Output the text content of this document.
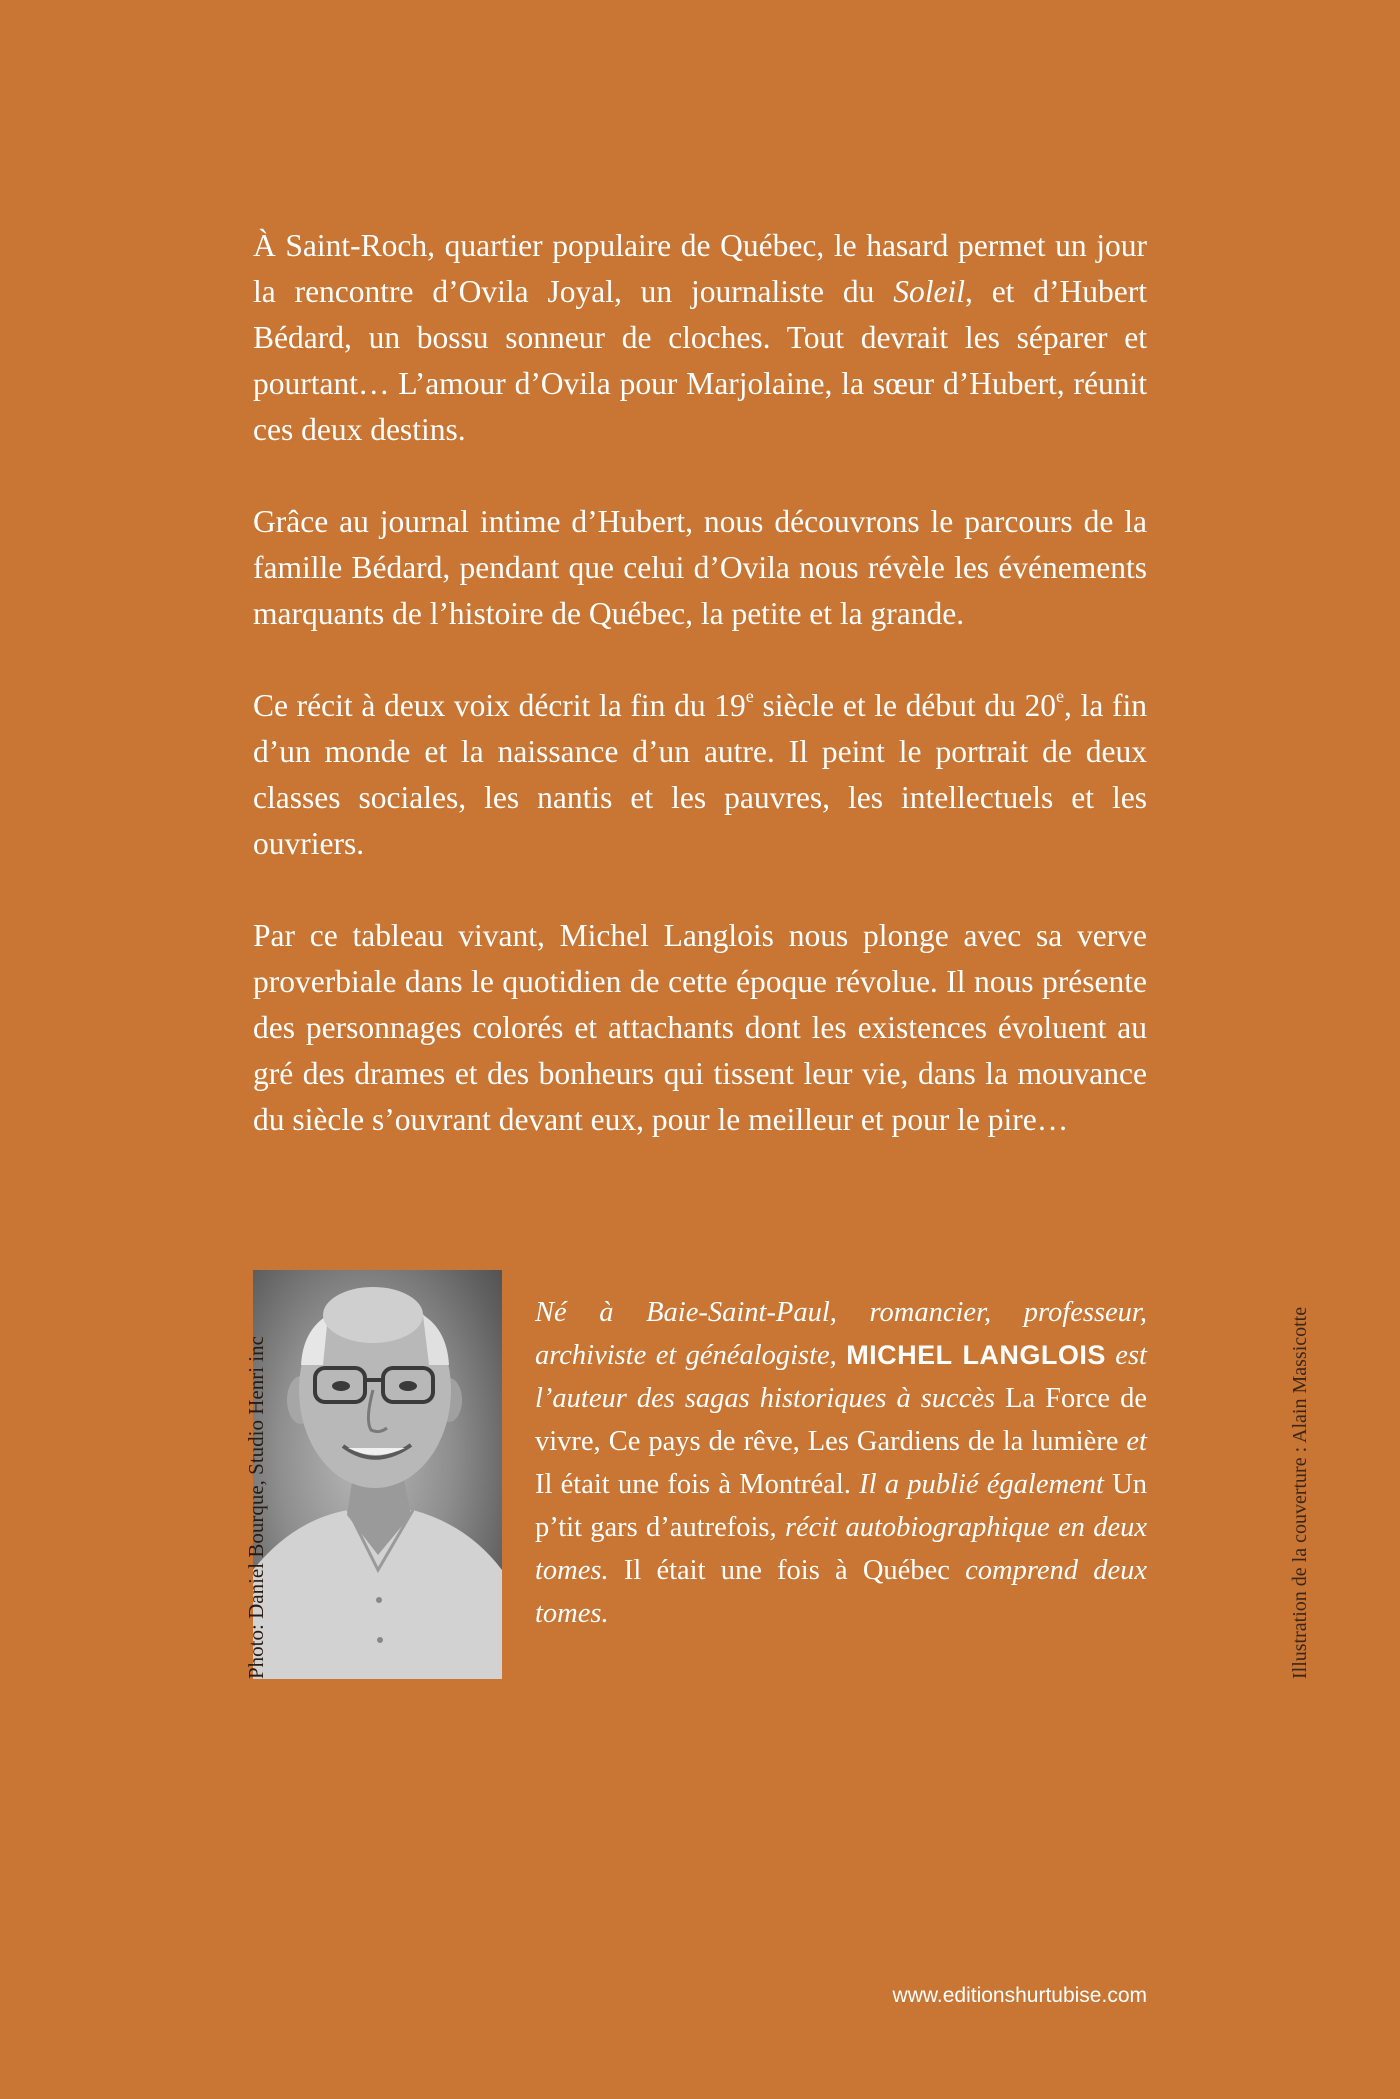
À Saint-Roch, quartier populaire de Québec, le hasard permet un jour la rencontre d’Ovila Joyal, un journaliste du Soleil, et d’Hubert Bédard, un bossu sonneur de cloches. Tout devrait les séparer et pourtant… L’amour d’Ovila pour Marjolaine, la sœur d’Hubert, réunit ces deux destins.

Grâce au journal intime d’Hubert, nous découvrons le parcours de la famille Bédard, pendant que celui d’Ovila nous révèle les événements marquants de l’histoire de Québec, la petite et la grande.

Ce récit à deux voix décrit la fin du 19e siècle et le début du 20e, la fin d’un monde et la naissance d’un autre. Il peint le portrait de deux classes sociales, les nantis et les pauvres, les intellectuels et les ouvriers.

Par ce tableau vivant, Michel Langlois nous plonge avec sa verve proverbiale dans le quotidien de cette époque révolue. Il nous présente des personnages colorés et attachants dont les existences évoluent au gré des drames et des bonheurs qui tissent leur vie, dans la mouvance du siècle s’ouvrant devant eux, pour le meilleur et pour le pire…

Photo: Daniel Bourque, Studio Henri inc
Né à Baie-Saint-Paul, romancier, professeur, archiviste et généalogiste, MICHEL LANGLOIS est l’auteur des sagas historiques à succès La Force de vivre, Ce pays de rêve, Les Gardiens de la lumière et Il était une fois à Montréal. Il a publié également Un p’tit gars d’autrefois, récit autobiographique en deux tomes. Il était une fois à Québec comprend deux tomes.	Illustration de la couverture : Alain Massicotte
www.editionshurtubise.com
